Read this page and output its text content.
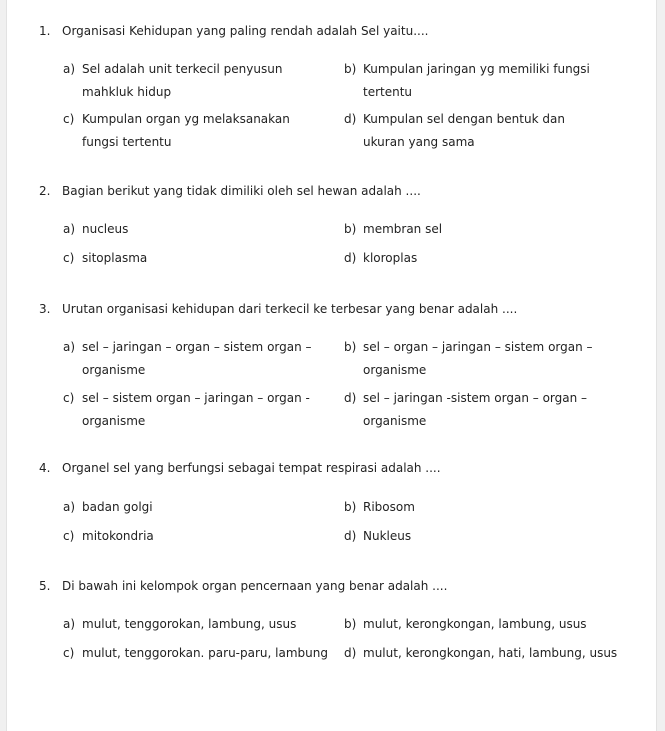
1. Organisasi Kehidupan yang paling rendah adalah Sel yaitu....
a) Sel adalah unit terkecil penyusun mahkluk hidup
b) Kumpulan jaringan yg memiliki fungsi tertentu
c) Kumpulan organ yg melaksanakan fungsi tertentu
d) Kumpulan sel dengan bentuk dan ukuran yang sama
2. Bagian berikut yang tidak dimiliki oleh sel hewan adalah ....
a) nucleus	b) membran sel
c) sitoplasma	d) kloroplas
3. Urutan organisasi kehidupan dari terkecil ke terbesar yang benar adalah ....
a) sel – jaringan – organ – sistem organ – organisme
b) sel – organ – jaringan – sistem organ – organisme
c) sel – sistem organ – jaringan – organ - organisme
d) sel – jaringan -sistem organ – organ – organisme
4. Organel sel yang berfungsi sebagai tempat respirasi adalah ....
a) badan golgi	b) Ribosom
c) mitokondria	d) Nukleus
5. Di bawah ini kelompok organ pencernaan yang benar adalah ....
a) mulut, tenggorokan, lambung, usus	b) mulut, kerongkongan, lambung, usus
c) mulut, tenggorokan. paru-paru, lambung	d) mulut, kerongkongan, hati, lambung, usus
